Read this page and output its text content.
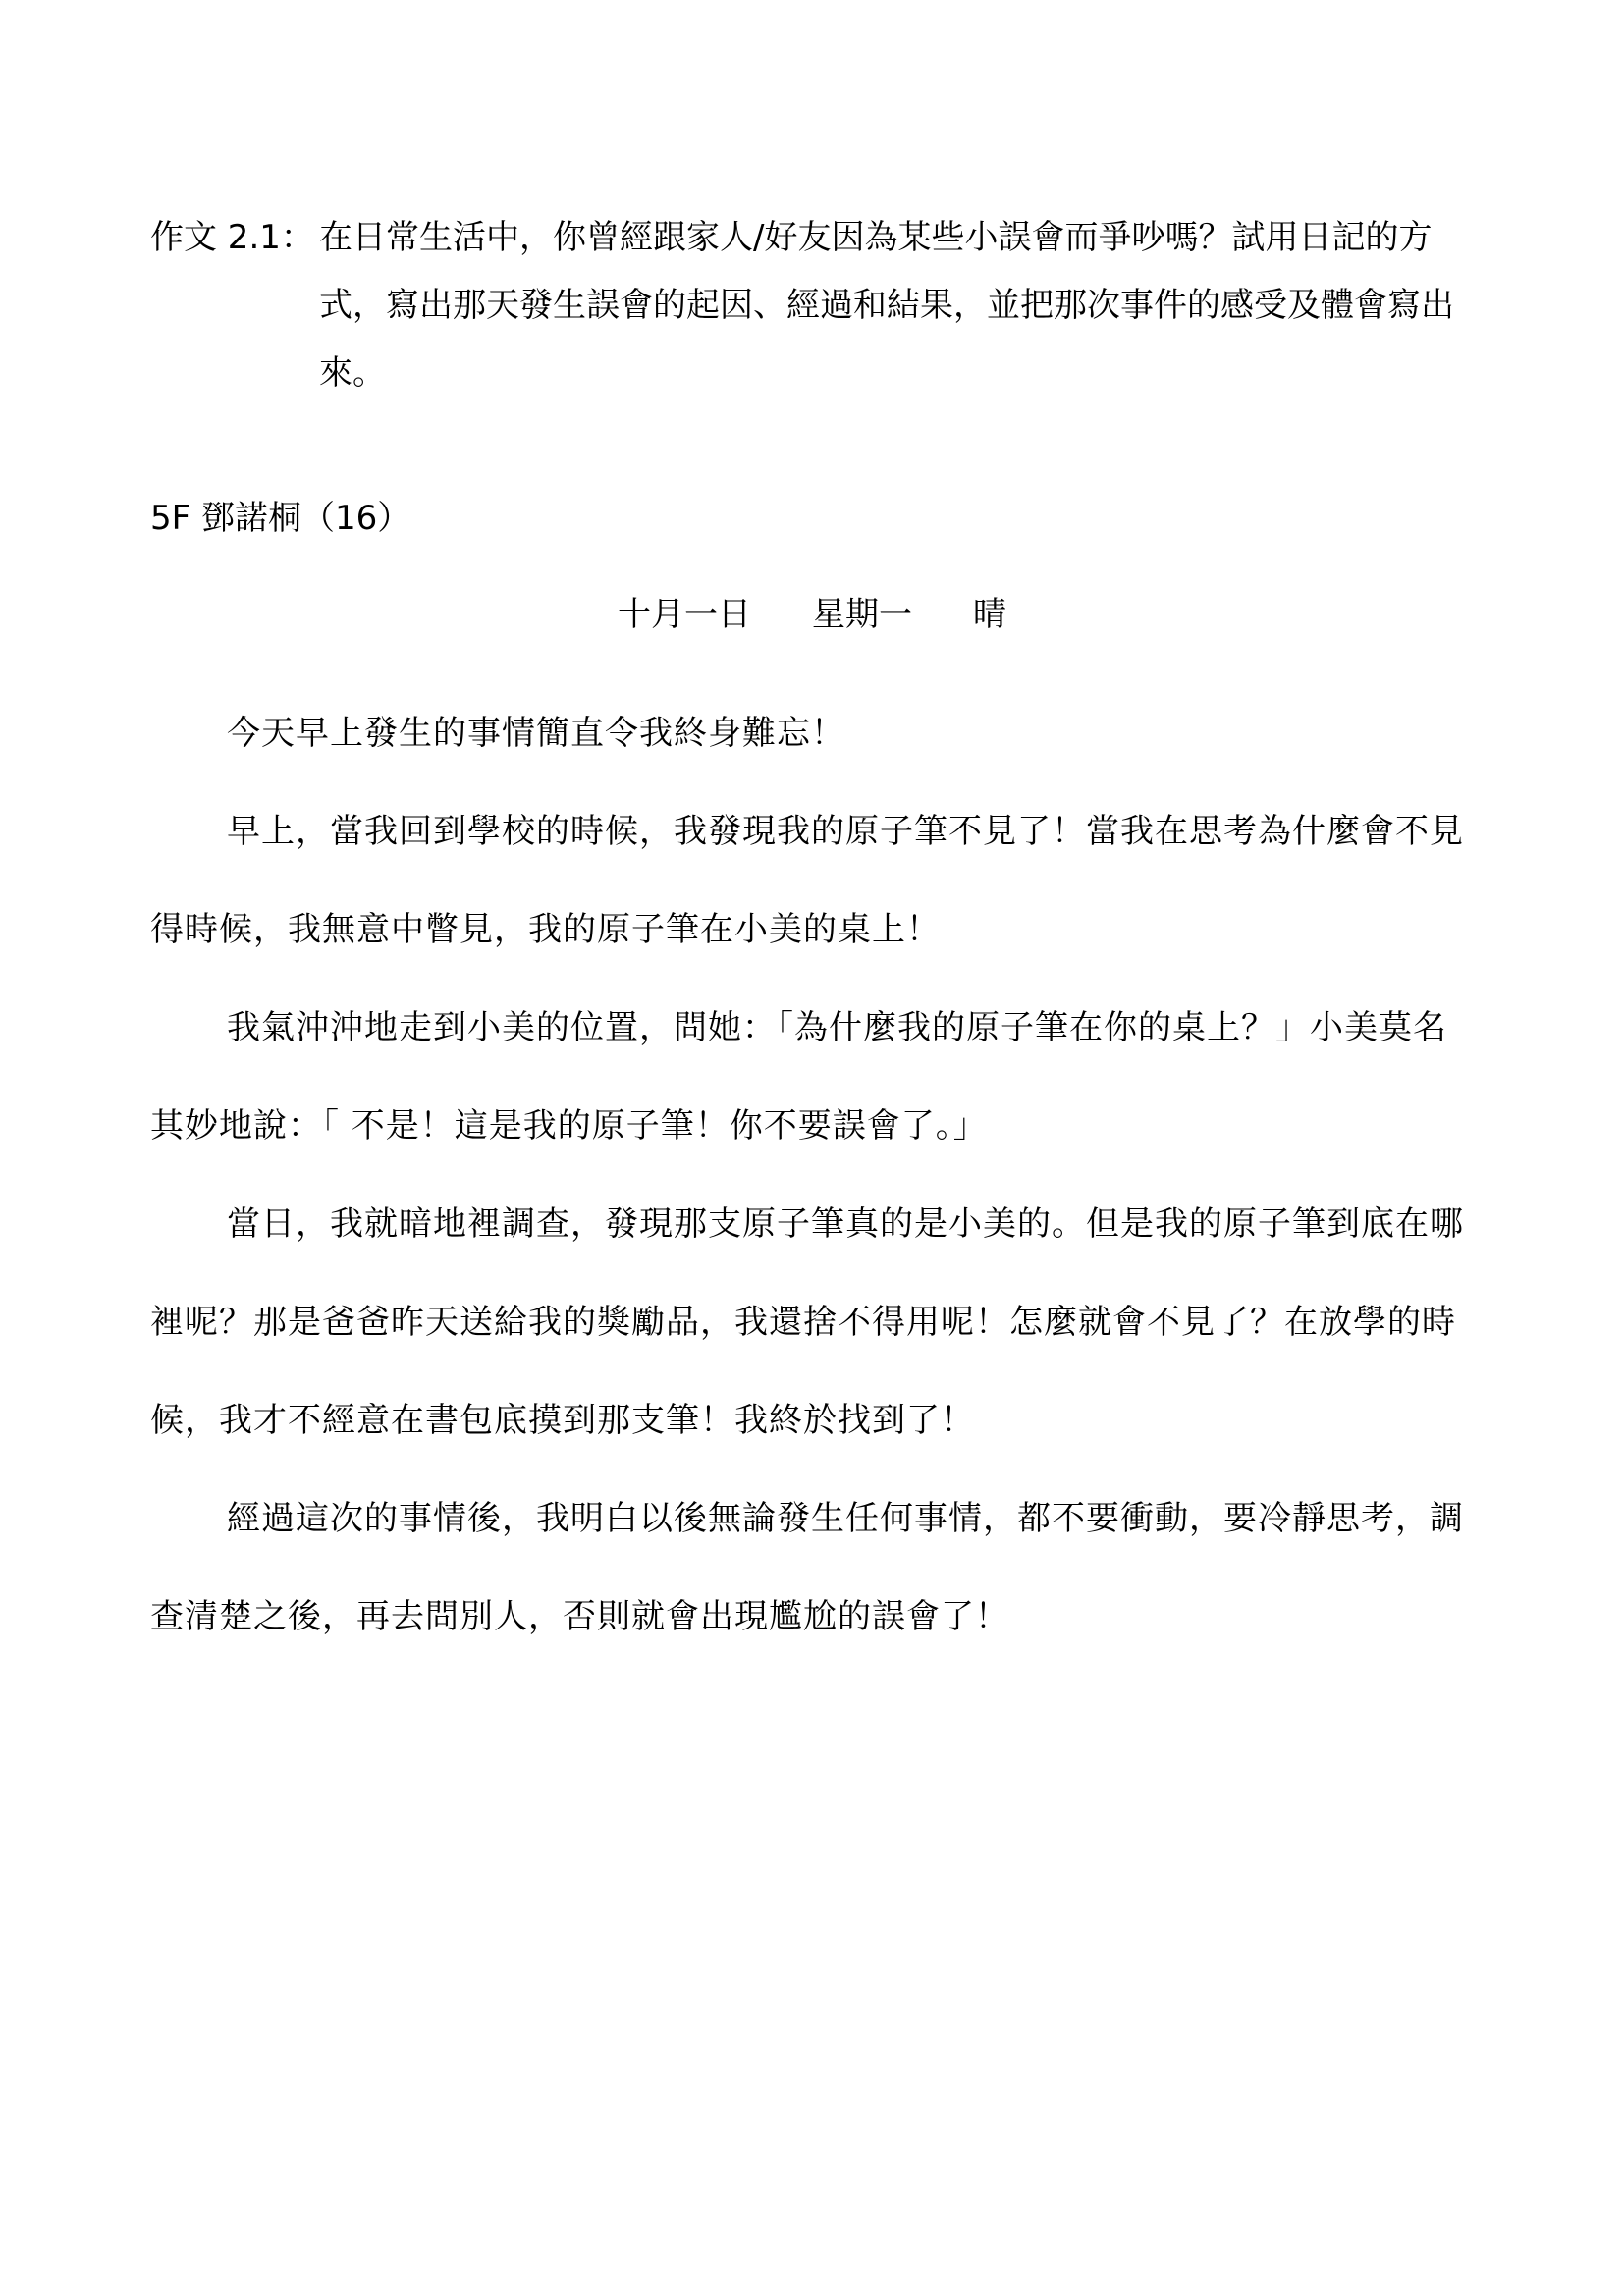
作文 2.1： 在日常生活中，你曾經跟家人/好友因為某些小誤會而爭吵嗎？試用日記的方式，寫出那天發生誤會的起因、經過和結果，並把那次事件的感受及體會寫出來。
5F 鄧諾桐（16）
十月一日 星期一 晴

今天早上發生的事情簡直令我終身難忘！

早上，當我回到學校的時候，我發現我的原子筆不見了！當我在思考為什麼會不見得時候，我無意中瞥見，我的原子筆在小美的桌上！

我氣沖沖地走到小美的位置，問她：「為什麼我的原子筆在你的桌上？」小美莫名其妙地說：「 不是！這是我的原子筆！你不要誤會了。」

當日，我就暗地裡調查，發現那支原子筆真的是小美的。但是我的原子筆到底在哪裡呢？那是爸爸昨天送給我的獎勵品，我還捨不得用呢！怎麼就會不見了？在放學的時候，我才不經意在書包底摸到那支筆！我終於找到了！

經過這次的事情後，我明白以後無論發生任何事情，都不要衝動，要冷靜思考，調查清楚之後，再去問別人，否則就會出現尷尬的誤會了！
